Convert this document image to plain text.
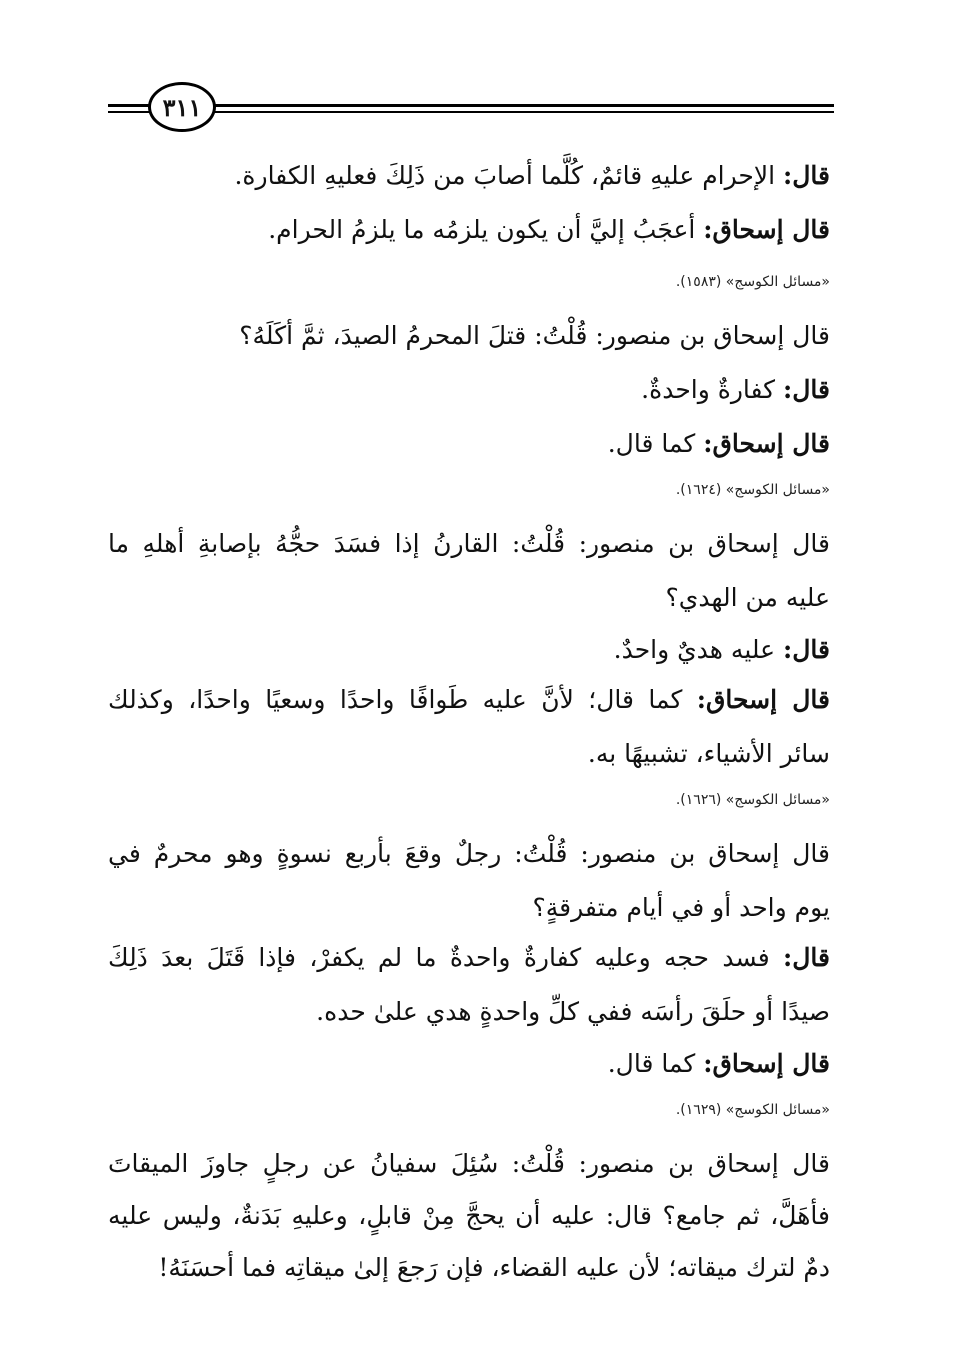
٣١١
قال: الإحرام عليهِ قائمٌ، كُلَّما أصابَ من ذَلِكَ فعليهِ الكفارة.
قال إسحاق: أعجَبُ إليَّ أن يكون يلزمُه ما يلزمُ الحرام.
«مسائل الكوسج» (١٥٨٣).
قال إسحاق بن منصور: قُلْتُ: قتلَ المحرمُ الصيدَ، ثمَّ أكَلَهُ؟
قال: كفارةٌ واحدةٌ.
قال إسحاق: كما قال.
«مسائل الكوسج» (١٦٢٤).
قال إسحاق بن منصور: قُلْتُ: القارنُ إذا فسَدَ حجُّهُ بإصابةِ أهلهِ ما
عليه من الهدي؟
قال: عليه هديٌ واحدٌ.
قال إسحاق: كما قال؛ لأنَّ عليه طَوافًا واحدًا وسعيًا واحدًا، وكذلك
سائر الأشياء، تشبيهًا به.
«مسائل الكوسج» (١٦٢٦).
قال إسحاق بن منصور: قُلْتُ: رجلٌ وقعَ بأربع نسوةٍ وهو محرمٌ في
يوم واحد أو في أيام متفرقةٍ؟
قال: فسد حجه وعليه كفارةٌ واحدةٌ ما لم يكفرْ، فإذا قَتَلَ بعدَ ذَلِكَ
صيدًا أو حلَقَ رأسَه ففي كلِّ واحدةٍ هدي علىٰ حده.
قال إسحاق: كما قال.
«مسائل الكوسج» (١٦٢٩).
قال إسحاق بن منصور: قُلْتُ: سُئِلَ سفيانُ عن رجلٍ جاوزَ الميقاتَ
فأهَلَّ، ثم جامع؟ قال: عليه أن يحجَّ مِنْ قابلٍ، وعليهِ بَدَنةٌ، وليس عليه
دمٌ لترك ميقاته؛ لأن عليه القضاء، فإن رَجعَ إلىٰ ميقاتِه فما أحسَنَهُ!
